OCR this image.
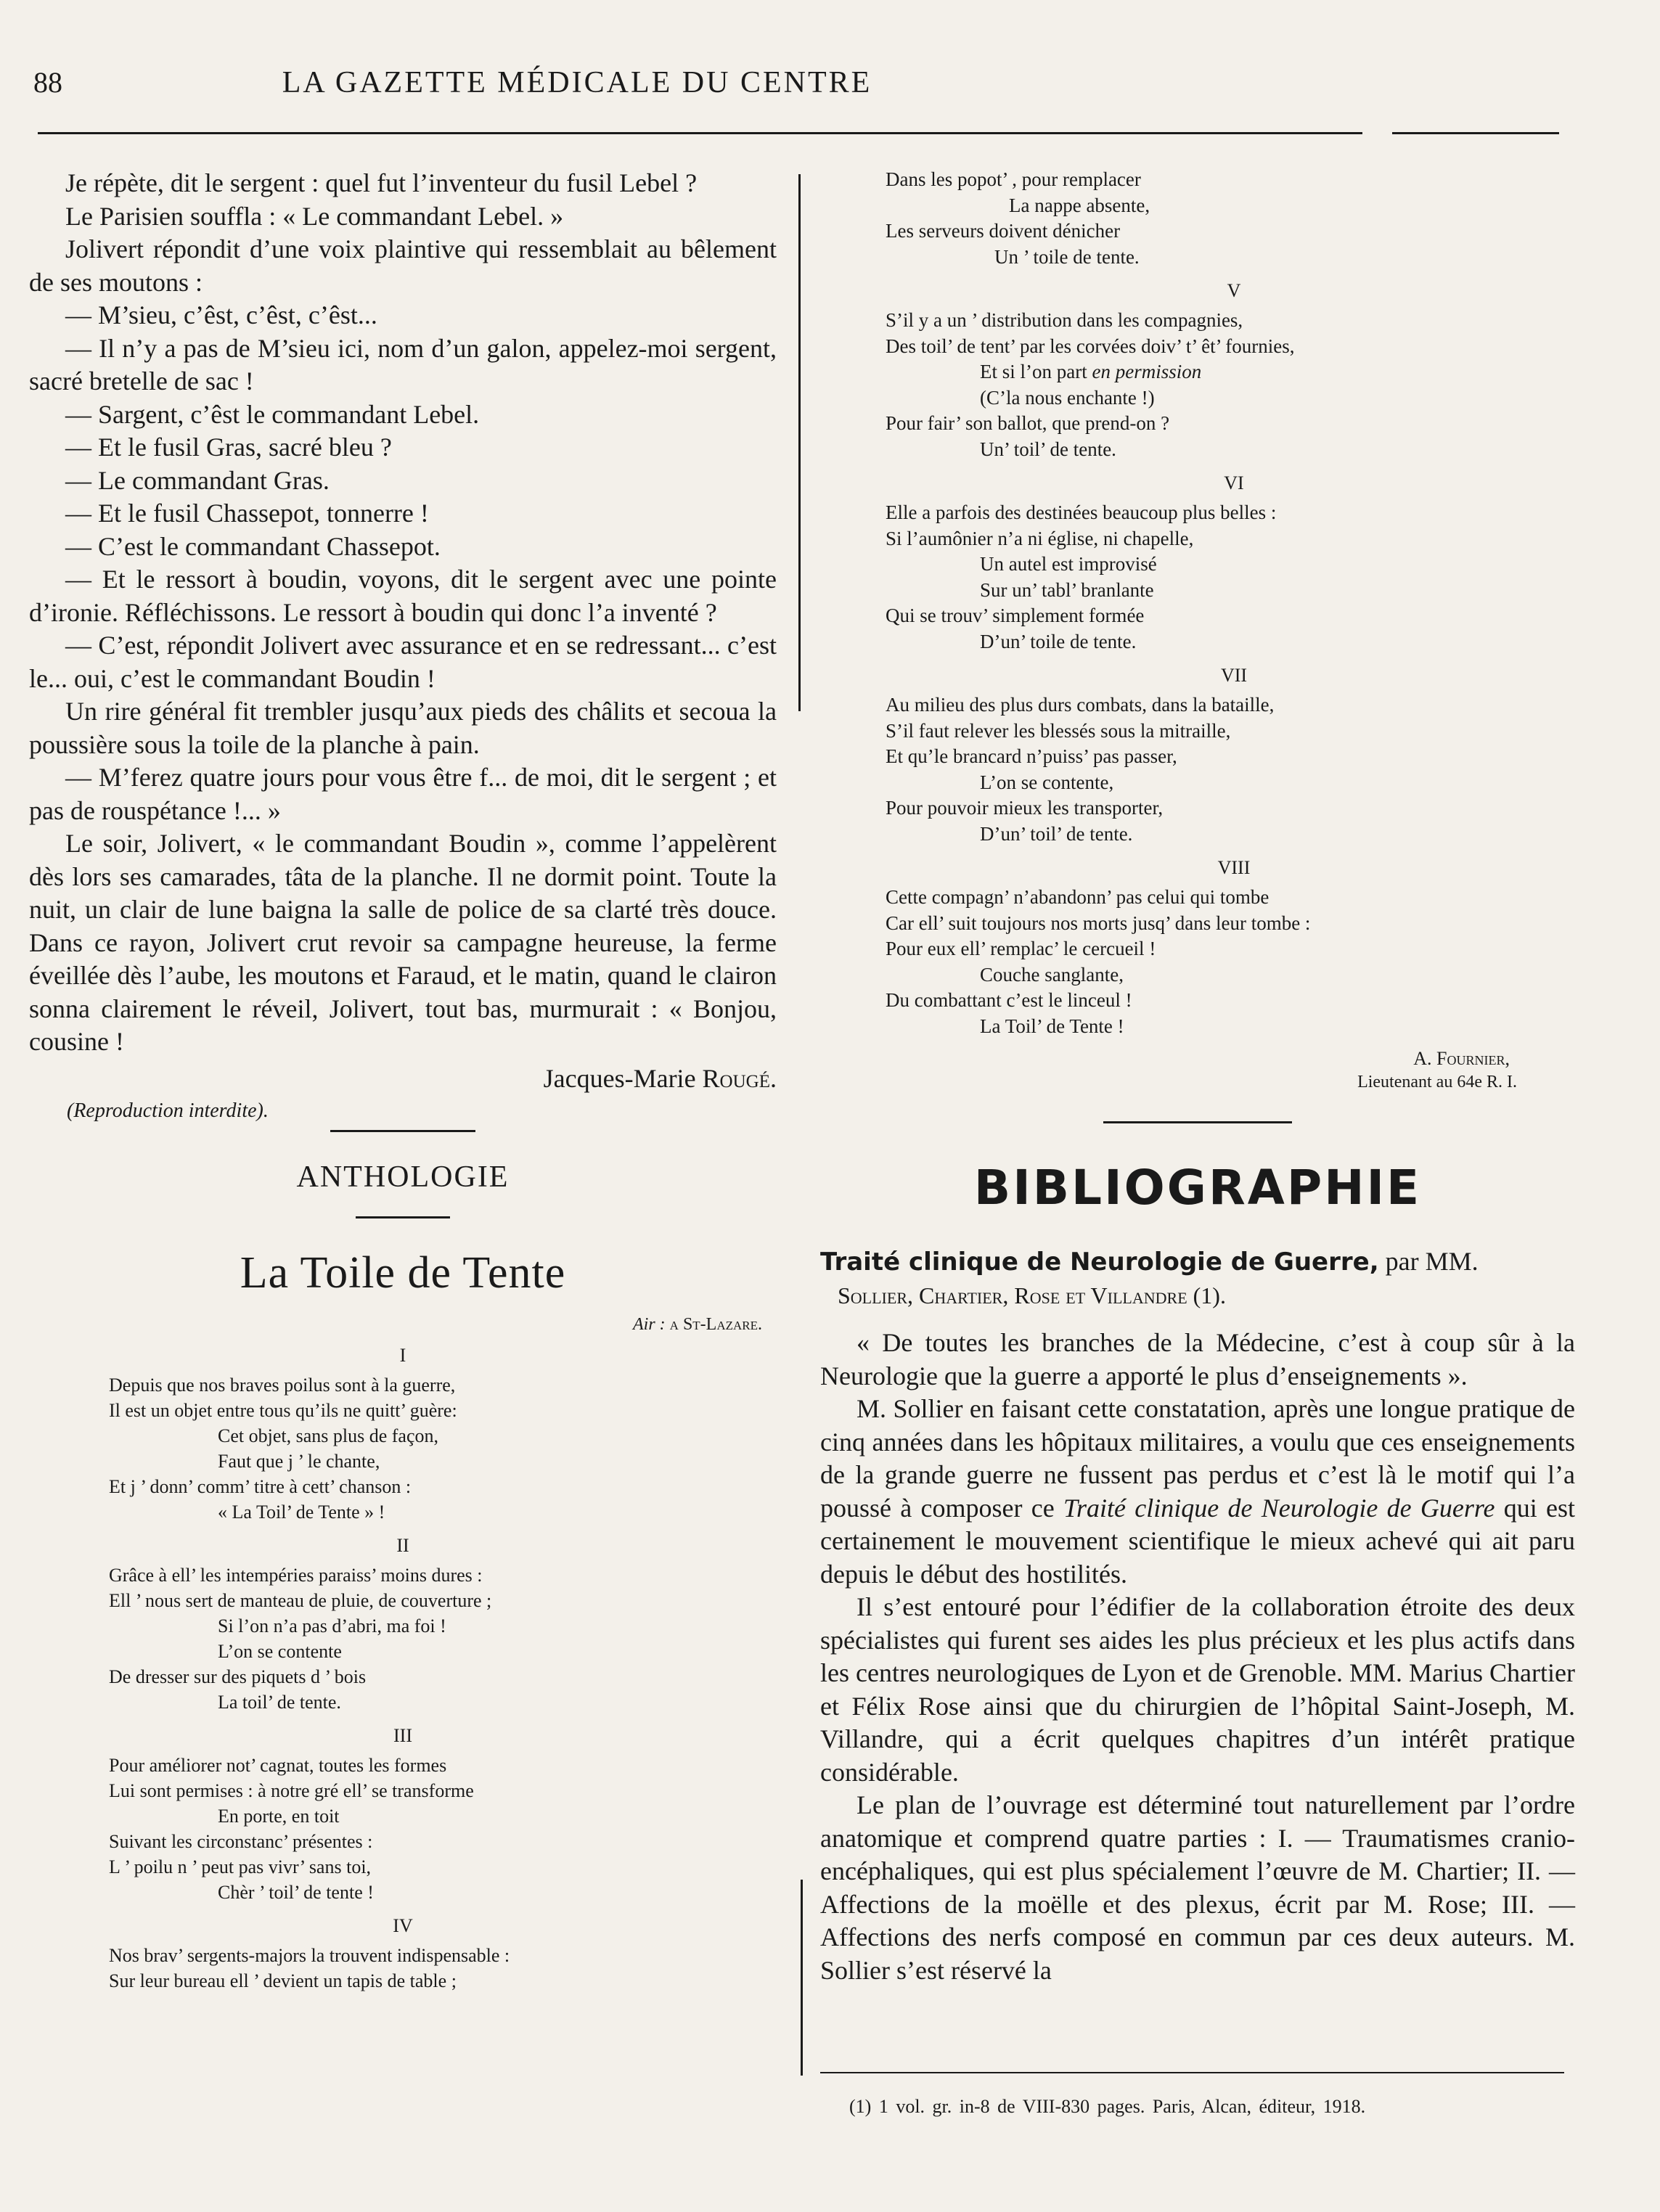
88	LA GAZETTE MÉDICALE DU CENTRE

Je répète, dit le sergent : quel fut l’inventeur du fusil Lebel ?

Le Parisien souffla : « Le commandant Lebel. »

Jolivert répondit d’une voix plaintive qui ressemblait au bêlement de ses moutons :

— M’sieu, c’êst, c’êst, c’êst...

— Il n’y a pas de M’sieu ici, nom d’un galon, appelez-moi sergent, sacré bretelle de sac !

— Sargent, c’êst le commandant Lebel.

— Et le fusil Gras, sacré bleu ?

— Le commandant Gras.

— Et le fusil Chassepot, tonnerre !

— C’est le commandant Chassepot.

— Et le ressort à boudin, voyons, dit le sergent avec une pointe d’ironie. Réfléchissons. Le ressort à boudin qui donc l’a inventé ?

— C’est, répondit Jolivert avec assurance et en se redressant... c’est le... oui, c’est le commandant Boudin !

Un rire général fit trembler jusqu’aux pieds des châlits et secoua la poussière sous la toile de la planche à pain.

— M’ferez quatre jours pour vous être f... de moi, dit le sergent ; et pas de rouspétance !... »

Le soir, Jolivert, « le commandant Boudin », comme l’appelèrent dès lors ses camarades, tâta de la planche. Il ne dormit point. Toute la nuit, un clair de lune baigna la salle de police de sa clarté très douce. Dans ce rayon, Jolivert crut revoir sa campagne heureuse, la ferme éveillée dès l’aube, les moutons et Faraud, et le matin, quand le clairon sonna clairement le réveil, Jolivert, tout bas, murmurait : « Bonjou, cousine !

Jacques-Marie Rougé.
(Reproduction interdite).
ANTHOLOGIE
La Toile de Tente
Air : a St-Lazare.
I
Depuis que nos braves poilus sont à la guerre,
Il est un objet entre tous qu’ils ne quitt’ guère:
Cet objet, sans plus de façon,
Faut que j ’ le chante,
Et j ’ donn’ comm’ titre à cett’ chanson :
« La Toil’ de Tente » !
II
Grâce à ell’ les intempéries paraiss’ moins dures :
Ell ’ nous sert de manteau de pluie, de couverture ;
Si l’on n’a pas d’abri, ma foi !
L’on se contente
De dresser sur des piquets d ’ bois
La toil’ de tente.
III
Pour améliorer not’ cagnat, toutes les formes
Lui sont permises : à notre gré ell’ se transforme
En porte, en toit
Suivant les circonstanc’ présentes :
L ’ poilu n ’ peut pas vivr’ sans toi,
Chèr ’ toil’ de tente !
IV
Nos brav’ sergents-majors la trouvent indispensable :
Sur leur bureau ell ’ devient un tapis de table ;
Dans les popot’ , pour remplacer
La nappe absente,
Les serveurs doivent dénicher
Un ’ toile de tente.
V
S’il y a un ’ distribution dans les compagnies,
Des toil’ de tent’ par les corvées doiv’ t’ êt’ fournies,
Et si l’on part en permission
(C’la nous enchante !)
Pour fair’ son ballot, que prend-on ?
Un’ toil’ de tente.
VI
Elle a parfois des destinées beaucoup plus belles :
Si l’aumônier n’a ni église, ni chapelle,
Un autel est improvisé
Sur un’ tabl’ branlante
Qui se trouv’ simplement formée
D’un’ toile de tente.
VII
Au milieu des plus durs combats, dans la bataille,
S’il faut relever les blessés sous la mitraille,
Et qu’le brancard n’puiss’ pas passer,
L’on se contente,
Pour pouvoir mieux les transporter,
D’un’ toil’ de tente.
VIII
Cette compagn’ n’abandonn’ pas celui qui tombe
Car ell’ suit toujours nos morts jusq’ dans leur tombe :
Pour eux ell’ remplac’ le cercueil !
Couche sanglante,
Du combattant c’est le linceul !
La Toil’ de Tente !
A. Fournier,
Lieutenant au 64e R. I.
BIBLIOGRAPHIE
Traité clinique de Neurologie de Guerre, par MM.
Sollier, Chartier, Rose et Villandre (1).

« De toutes les branches de la Médecine, c’est à coup sûr à la Neurologie que la guerre a apporté le plus d’enseignements ».

M. Sollier en faisant cette constatation, après une longue pratique de cinq années dans les hôpitaux militaires, a voulu que ces enseignements de la grande guerre ne fussent pas perdus et c’est là le motif qui l’a poussé à composer ce Traité clinique de Neurologie de Guerre qui est certainement le mouvement scientifique le mieux achevé qui ait paru depuis le début des hostilités.

Il s’est entouré pour l’édifier de la collaboration étroite des deux spécialistes qui furent ses aides les plus précieux et les plus actifs dans les centres neurologiques de Lyon et de Grenoble. MM. Marius Chartier et Félix Rose ainsi que du chirurgien de l’hôpital Saint-Joseph, M. Villandre, qui a écrit quelques chapitres d’un intérêt pratique considérable.

Le plan de l’ouvrage est déterminé tout naturellement par l’ordre anatomique et comprend quatre parties : I. — Traumatismes cranio-encéphaliques, qui est plus spécialement l’œuvre de M. Chartier; II. — Affections de la moëlle et des plexus, écrit par M. Rose; III. — Affections des nerfs composé en commun par ces deux auteurs. M. Sollier s’est réservé la

(1) 1 vol. gr. in-8 de VIII-830 pages. Paris, Alcan, éditeur, 1918.
